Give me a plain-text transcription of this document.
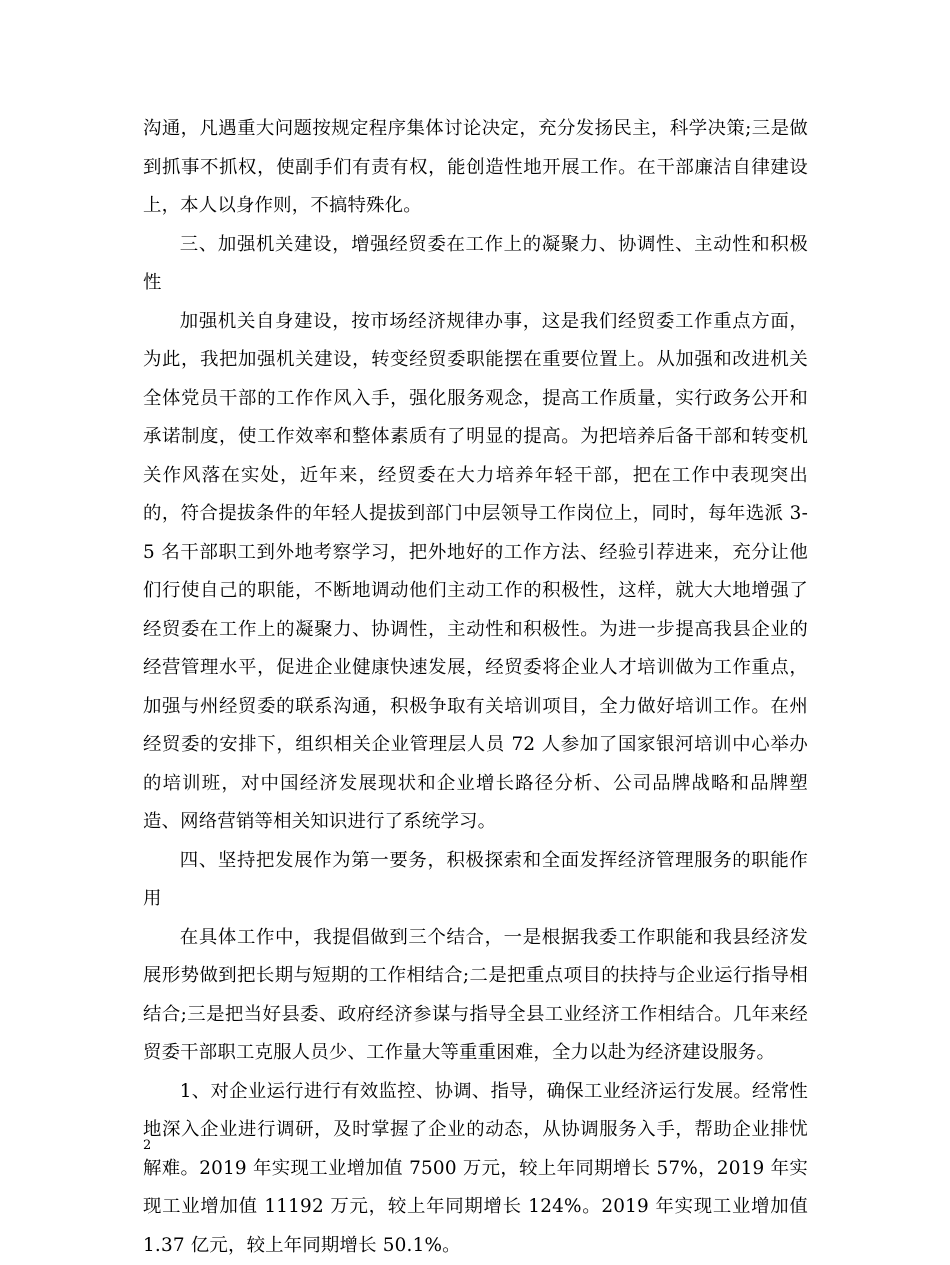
沟通，凡遇重大问题按规定程序集体讨论决定，充分发扬民主，科学决策;三是做到抓事不抓权，使副手们有责有权，能创造性地开展工作。在干部廉洁自律建设上，本人以身作则，不搞特殊化。

三、加强机关建设，增强经贸委在工作上的凝聚力、协调性、主动性和积极性

加强机关自身建设，按市场经济规律办事，这是我们经贸委工作重点方面，为此，我把加强机关建设，转变经贸委职能摆在重要位置上。从加强和改进机关全体党员干部的工作作风入手，强化服务观念，提高工作质量，实行政务公开和承诺制度，使工作效率和整体素质有了明显的提高。为把培养后备干部和转变机关作风落在实处，近年来，经贸委在大力培养年轻干部，把在工作中表现突出的，符合提拔条件的年轻人提拔到部门中层领导工作岗位上，同时，每年选派 3-5 名干部职工到外地考察学习，把外地好的工作方法、经验引荐进来，充分让他们行使自己的职能，不断地调动他们主动工作的积极性，这样，就大大地增强了经贸委在工作上的凝聚力、协调性，主动性和积极性。为进一步提高我县企业的经营管理水平，促进企业健康快速发展，经贸委将企业人才培训做为工作重点，加强与州经贸委的联系沟通，积极争取有关培训项目，全力做好培训工作。在州经贸委的安排下，组织相关企业管理层人员 72 人参加了国家银河培训中心举办的培训班，对中国经济发展现状和企业增长路径分析、公司品牌战略和品牌塑造、网络营销等相关知识进行了系统学习。

四、坚持把发展作为第一要务，积极探索和全面发挥经济管理服务的职能作用

在具体工作中，我提倡做到三个结合，一是根据我委工作职能和我县经济发展形势做到把长期与短期的工作相结合;二是把重点项目的扶持与企业运行指导相结合;三是把当好县委、政府经济参谋与指导全县工业经济工作相结合。几年来经贸委干部职工克服人员少、工作量大等重重困难，全力以赴为经济建设服务。

1、对企业运行进行有效监控、协调、指导，确保工业经济运行发展。经常性地深入企业进行调研，及时掌握了企业的动态，从协调服务入手，帮助企业排忧解难。2019 年实现工业增加值 7500 万元，较上年同期增长 57%，2019 年实现工业增加值 11192 万元，较上年同期增长 124%。2019 年实现工业增加值 1.37 亿元，较上年同期增长 50.1%。

2
